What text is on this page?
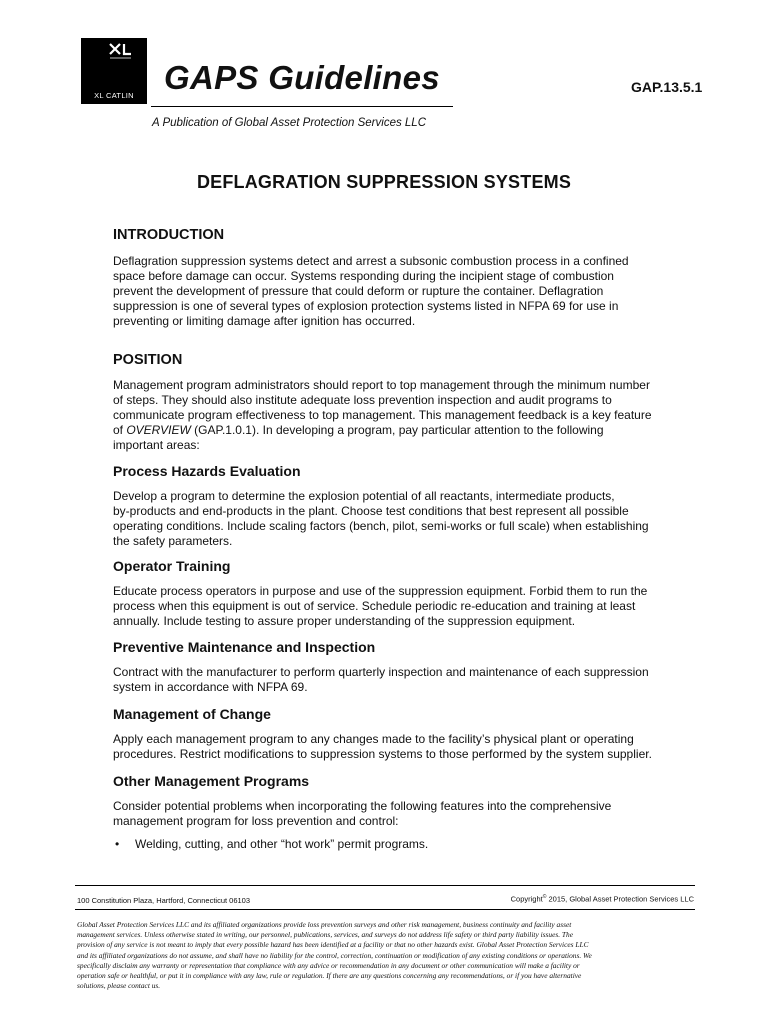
XL CATLIN GAPS Guidelines	GAP.13.5.1
A Publication of Global Asset Protection Services LLC
DEFLAGRATION SUPPRESSION SYSTEMS
INTRODUCTION

Deflagration suppression systems detect and arrest a subsonic combustion process in a confined
space before damage can occur. Systems responding during the incipient stage of combustion
prevent the development of pressure that could deform or rupture the container. Deflagration
suppression is one of several types of explosion protection systems listed in NFPA 69 for use in
preventing or limiting damage after ignition has occurred.

POSITION

Management program administrators should report to top management through the minimum number
of steps. They should also institute adequate loss prevention inspection and audit programs to
communicate program effectiveness to top management. This management feedback is a key feature
of OVERVIEW (GAP.1.0.1). In developing a program, pay particular attention to the following
important areas:

Process Hazards Evaluation

Develop a program to determine the explosion potential of all reactants, intermediate products,
by-products and end-products in the plant. Choose test conditions that best represent all possible
operating conditions. Include scaling factors (bench, pilot, semi-works or full scale) when establishing
the safety parameters.

Operator Training

Educate process operators in purpose and use of the suppression equipment. Forbid them to run the
process when this equipment is out of service. Schedule periodic re-education and training at least
annually. Include testing to assure proper understanding of the suppression equipment.

Preventive Maintenance and Inspection

Contract with the manufacturer to perform quarterly inspection and maintenance of each suppression
system in accordance with NFPA 69.

Management of Change

Apply each management program to any changes made to the facility’s physical plant or operating
procedures. Restrict modifications to suppression systems to those performed by the system supplier.

Other Management Programs

Consider potential problems when incorporating the following features into the comprehensive
management program for loss prevention and control:

• Welding, cutting, and other “hot work” permit programs.
100 Constitution Plaza, Hartford, Connecticut 06103	Copyright© 2015, Global Asset Protection Services LLC
Global Asset Protection Services LLC and its affiliated organizations provide loss prevention surveys and other risk management, business continuity and facility asset
management services. Unless otherwise stated in writing, our personnel, publications, services, and surveys do not address life safety or third party liability issues. The
provision of any service is not meant to imply that every possible hazard has been identified at a facility or that no other hazards exist. Global Asset Protection Services LLC
and its affiliated organizations do not assume, and shall have no liability for the control, correction, continuation or modification of any existing conditions or operations. We
specifically disclaim any warranty or representation that compliance with any advice or recommendation in any document or other communication will make a facility or
operation safe or healthful, or put it in compliance with any law, rule or regulation. If there are any questions concerning any recommendations, or if you have alternative
solutions, please contact us.
